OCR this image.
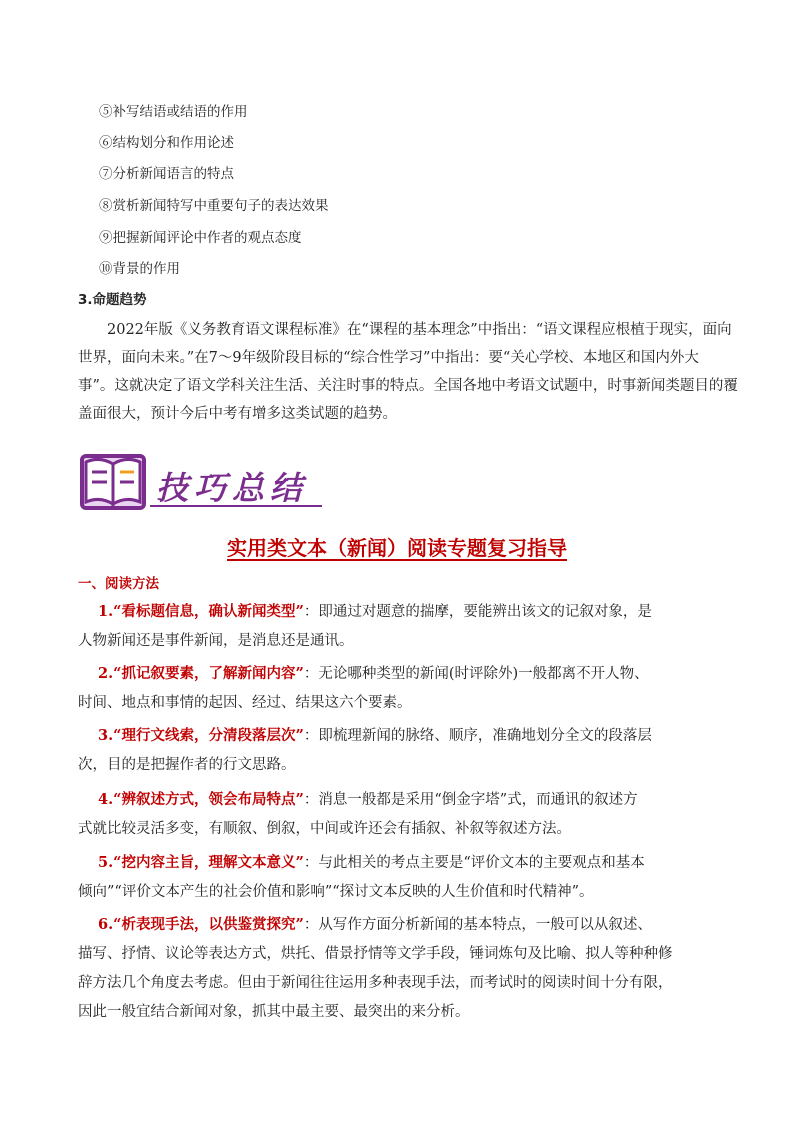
⑤补写结语或结语的作用
⑥结构划分和作用论述
⑦分析新闻语言的特点
⑧赏析新闻特写中重要句子的表达效果
⑨把握新闻评论中作者的观点态度
⑩背景的作用
3.命题趋势
2022年版《义务教育语文课程标准》在“课程的基本理念”中指出：“语文课程应根植于现实，面向
世界，面向未来。”在7～9年级阶段目标的“综合性学习”中指出：要“关心学校、本地区和国内外大
事”。这就决定了语文学科关注生活、关注时事的特点。全国各地中考语文试题中，时事新闻类题目的覆
盖面很大，预计今后中考有增多这类试题的趋势。
技巧总结
实用类文本（新闻）阅读专题复习指导
一、阅读方法
1.“看标题信息，确认新闻类型”：即通过对题意的揣摩，要能辨出该文的记叙对象，是
人物新闻还是事件新闻，是消息还是通讯。
2.“抓记叙要素，了解新闻内容”：无论哪种类型的新闻(时评除外)一般都离不开人物、
时间、地点和事情的起因、经过、结果这六个要素。
3.“理行文线索，分清段落层次”：即梳理新闻的脉络、顺序，准确地划分全文的段落层
次，目的是把握作者的行文思路。
4.“辨叙述方式，领会布局特点”：消息一般都是采用“倒金字塔”式，而通讯的叙述方
式就比较灵活多变，有顺叙、倒叙，中间或许还会有插叙、补叙等叙述方法。
5.“挖内容主旨，理解文本意义”：与此相关的考点主要是“评价文本的主要观点和基本
倾向”“评价文本产生的社会价值和影响”“探讨文本反映的人生价值和时代精神”。
6.“析表现手法，以供鉴赏探究”：从写作方面分析新闻的基本特点，一般可以从叙述、
描写、抒情、议论等表达方式，烘托、借景抒情等文学手段，锤词炼句及比喻、拟人等种种修
辞方法几个角度去考虑。但由于新闻往往运用多种表现手法，而考试时的阅读时间十分有限，
因此一般宜结合新闻对象，抓其中最主要、最突出的来分析。
